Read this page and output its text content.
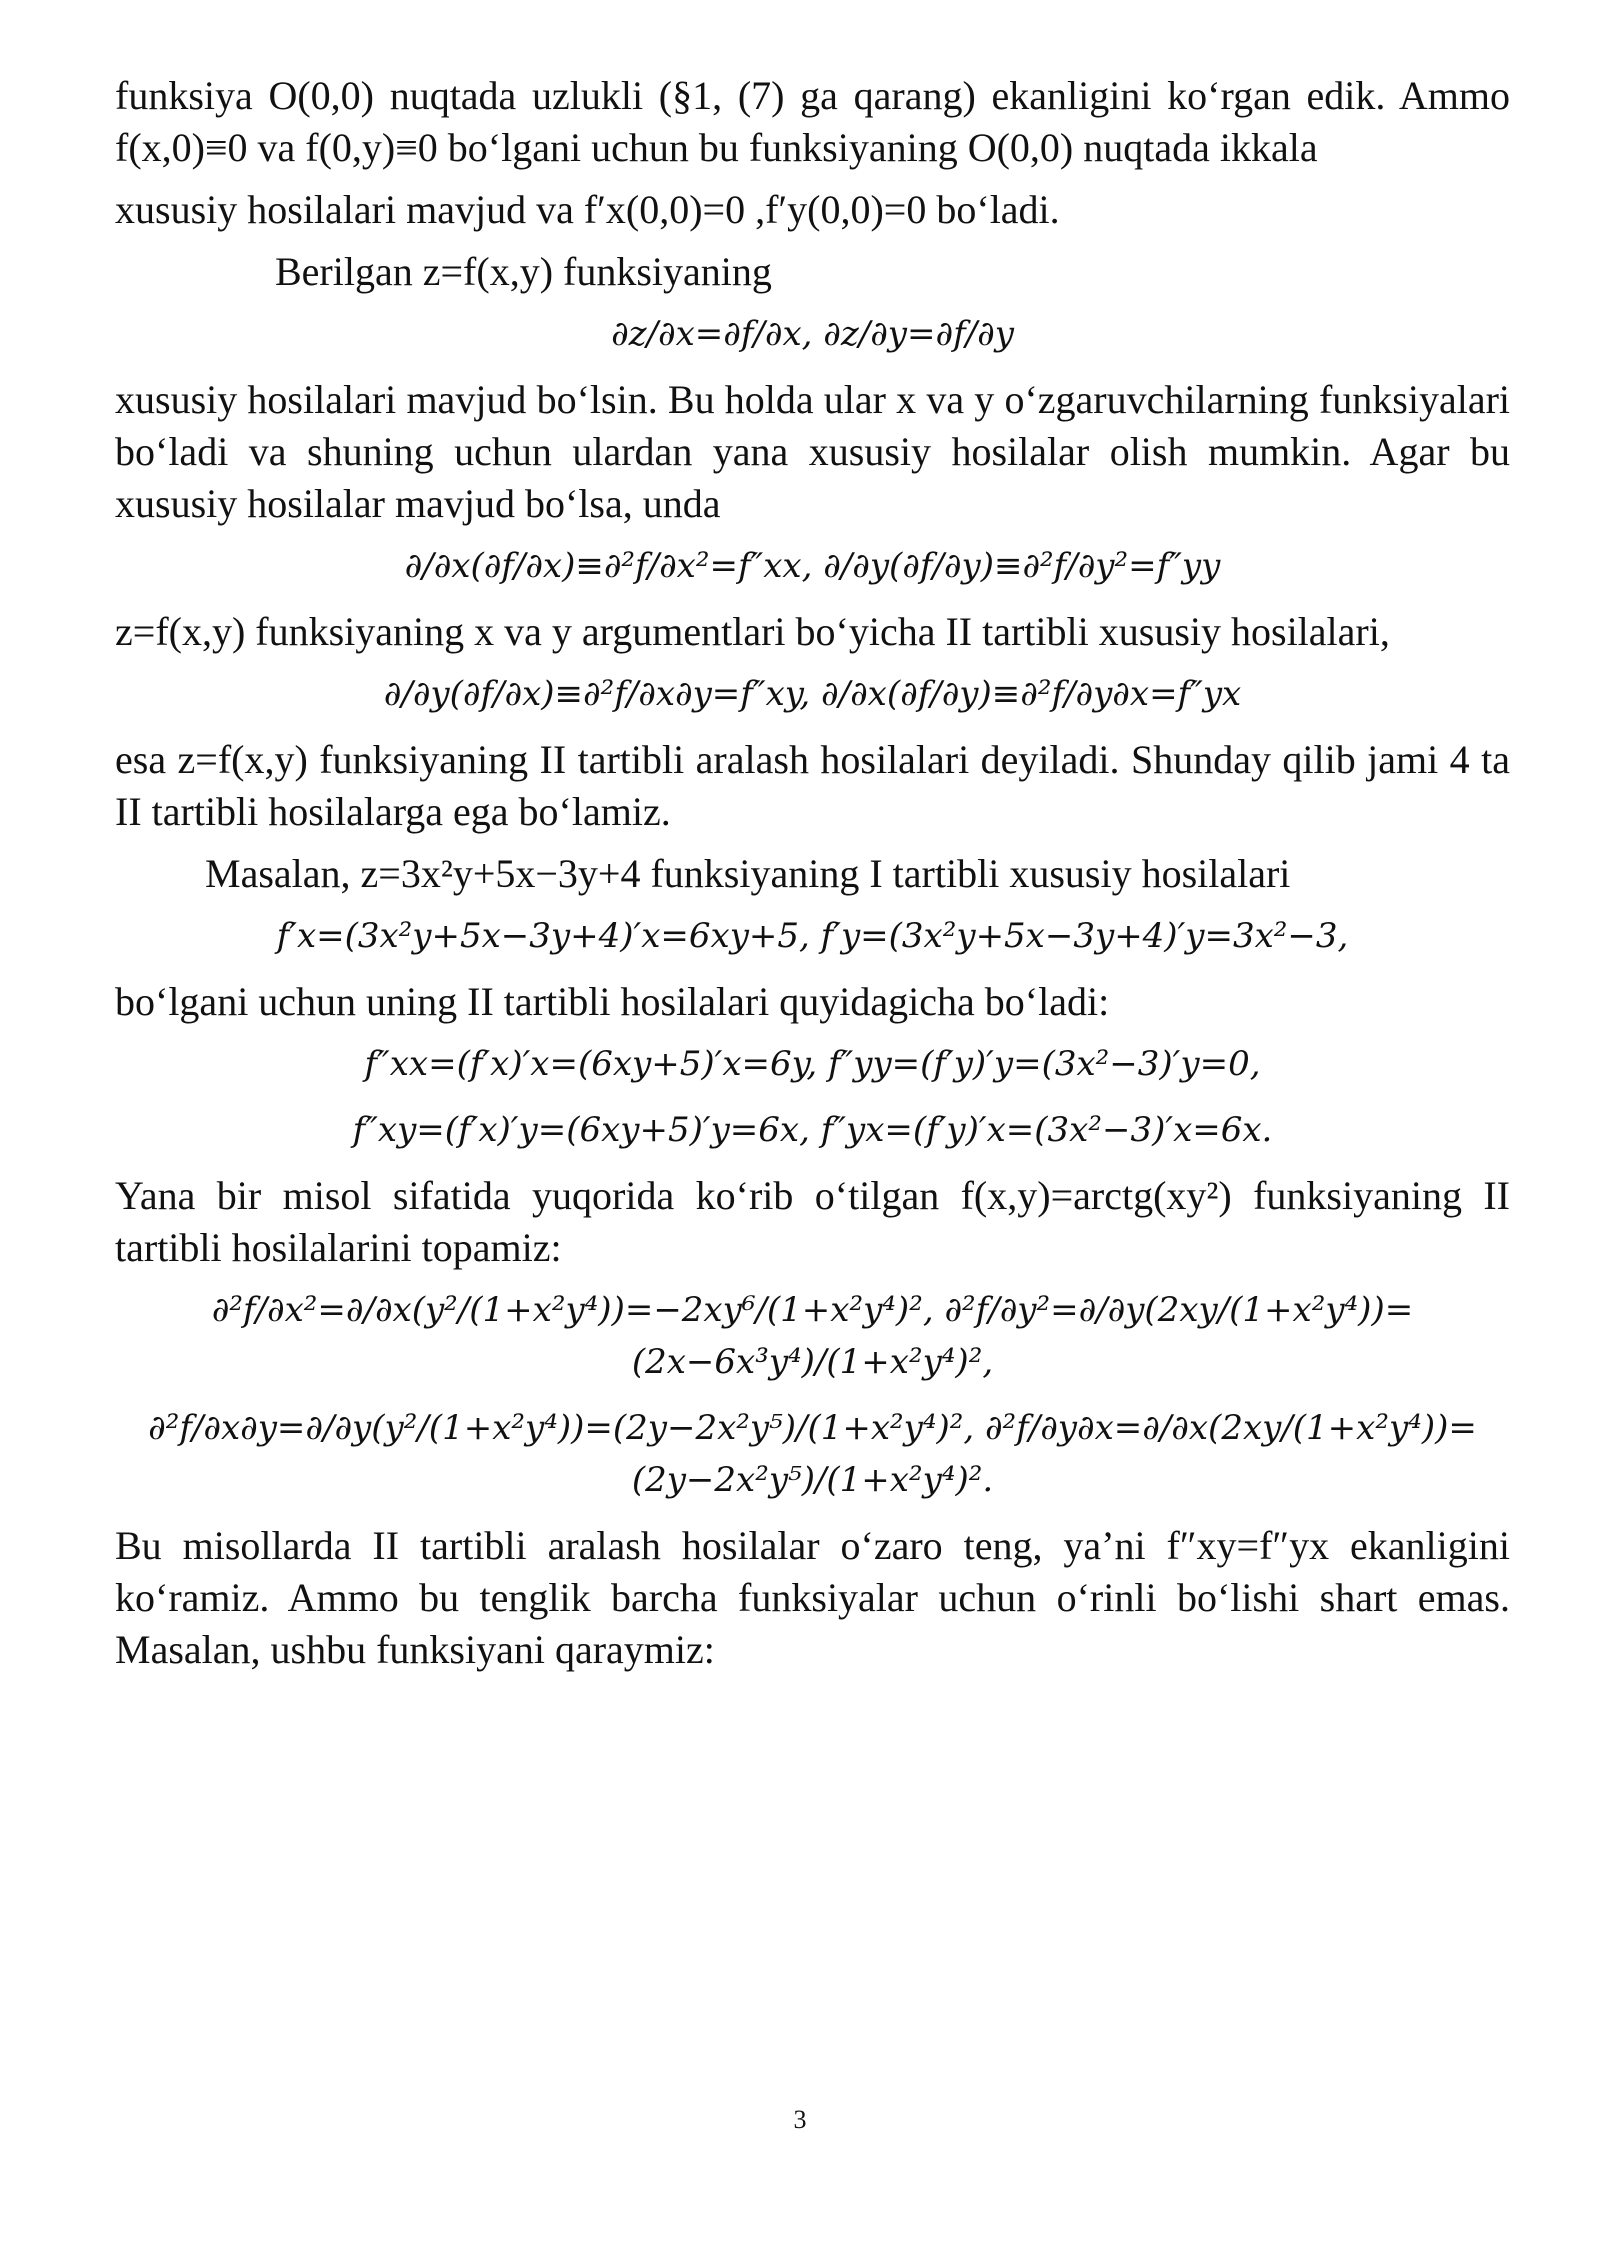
funksiya O(0,0) nuqtada uzlukli (§1, (7) ga qarang) ekanligini ko‘rgan edik. Ammo f(x,0)≡0 va f(0,y)≡0 bo‘lgani uchun bu funksiyaning O(0,0) nuqtada ikkala

xususiy hosilalari mavjud va f′x(0,0)=0 ,f′y(0,0)=0 bo‘ladi.

Berilgan z=f(x,y) funksiyaning

∂z/∂x=∂f/∂x, ∂z/∂y=∂f/∂y

xususiy hosilalari mavjud bo‘lsin. Bu holda ular x va y o‘zgaruvchilarning funksiyalari bo‘ladi va shuning uchun ulardan yana xususiy hosilalar olish mumkin. Agar bu xususiy hosilalar mavjud bo‘lsa, unda

∂/∂x(∂f/∂x)≡∂²f/∂x²=f″xx, ∂/∂y(∂f/∂y)≡∂²f/∂y²=f″yy

z=f(x,y) funksiyaning x va y argumentlari bo‘yicha II tartibli xususiy hosilalari,

∂/∂y(∂f/∂x)≡∂²f/∂x∂y=f″xy, ∂/∂x(∂f/∂y)≡∂²f/∂y∂x=f″yx

esa z=f(x,y) funksiyaning II tartibli aralash hosilalari deyiladi. Shunday qilib jami 4 ta II tartibli hosilalarga ega bo‘lamiz.

Masalan, z=3x²y+5x−3y+4 funksiyaning I tartibli xususiy hosilalari

f′x=(3x²y+5x−3y+4)′x=6xy+5, f′y=(3x²y+5x−3y+4)′y=3x²−3,

bo‘lgani uchun uning II tartibli hosilalari quyidagicha bo‘ladi:

f″xx=(f′x)′x=(6xy+5)′x=6y, f″yy=(f′y)′y=(3x²−3)′y=0,
f″xy=(f′x)′y=(6xy+5)′y=6x, f″yx=(f′y)′x=(3x²−3)′x=6x.

Yana bir misol sifatida yuqorida ko‘rib o‘tilgan f(x,y)=arctg(xy²) funksiyaning II tartibli hosilalarini topamiz:

∂²f/∂x²=∂/∂x(y²/(1+x²y⁴))=−2xy⁶/(1+x²y⁴)², ∂²f/∂y²=∂/∂y(2xy/(1+x²y⁴))=(2x−6x³y⁴)/(1+x²y⁴)²,
∂²f/∂x∂y=∂/∂y(y²/(1+x²y⁴))=(2y−2x²y⁵)/(1+x²y⁴)², ∂²f/∂y∂x=∂/∂x(2xy/(1+x²y⁴))=(2y−2x²y⁵)/(1+x²y⁴)².

Bu misollarda II tartibli aralash hosilalar o‘zaro teng, ya’ni f″xy=f″yx ekanligini ko‘ramiz. Ammo bu tenglik barcha funksiyalar uchun o‘rinli bo‘lishi shart emas. Masalan, ushbu funksiyani qaraymiz:

3
